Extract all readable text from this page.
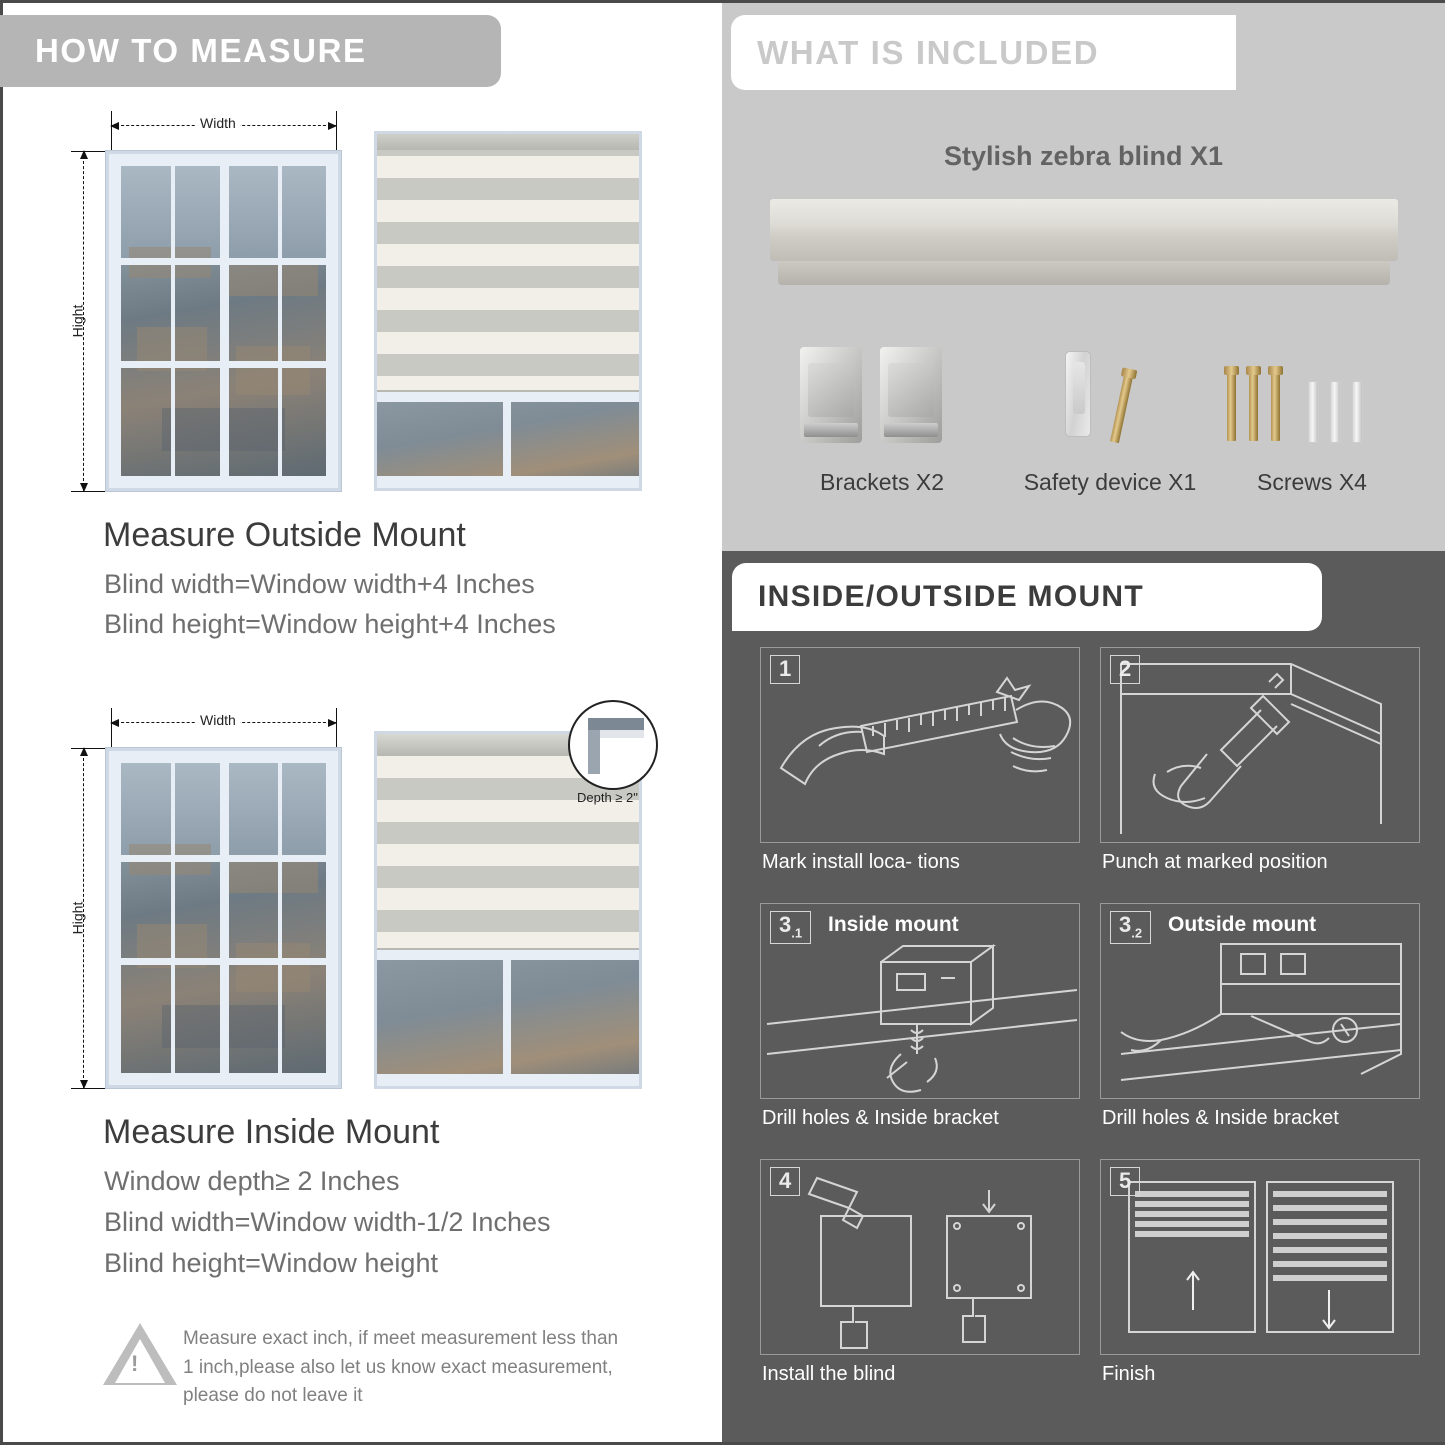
HOW TO MEASURE
Width
Hight
Measure Outside Mount
Blind width=Window width+4 Inches
Blind height=Window height+4 Inches
Width
Hight
Depth ≥ 2"
Measure Inside Mount
Window depth≥ 2 Inches
Blind width=Window width-1/2 Inches
Blind height=Window height
!
Measure exact inch, if meet measurement less than 1 inch,please also let us know exact measurement, please do not leave it
WHAT IS INCLUDED
Stylish zebra blind X1
Brackets X2	Safety device X1	Screws X4
INSIDE/OUTSIDE MOUNT
1
Mark install loca- tions
2
Punch at marked position
$3_{.1}$	Inside mount
Drill holes & Inside bracket
$3_{.2}$	Outside mount
Drill holes & Inside bracket
4
Install the blind
5
Finish
